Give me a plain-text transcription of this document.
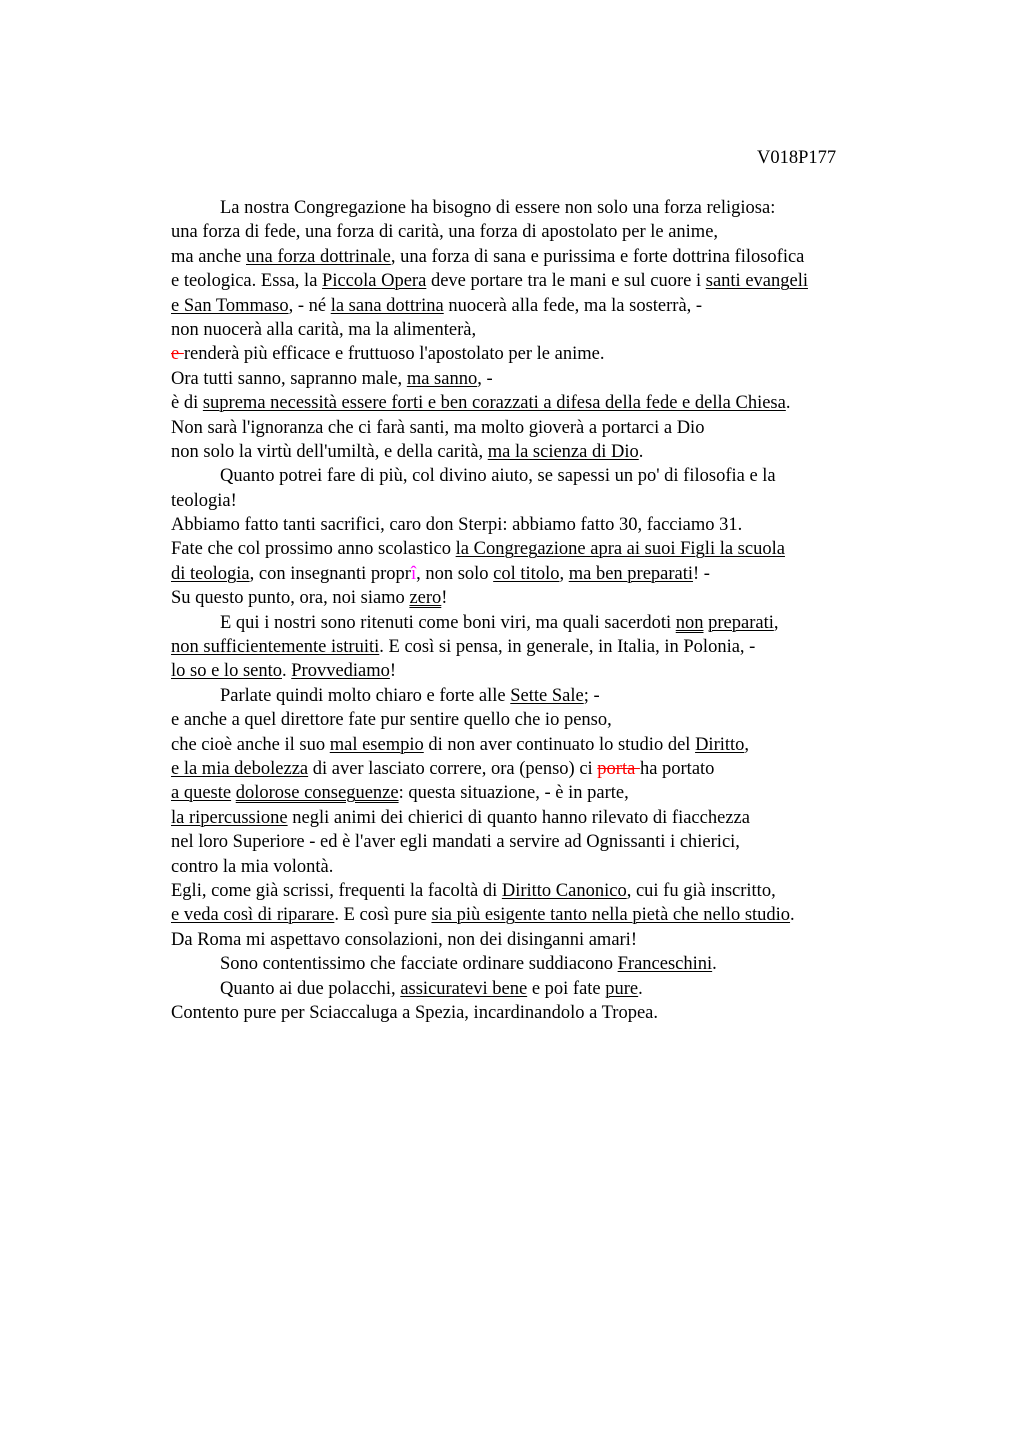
V018P177
La nostra Congregazione ha bisogno di essere non solo una forza religiosa:
una forza di fede, una forza di carità, una forza di apostolato per le anime,
ma anche una forza dottrinale, una forza di sana e purissima e forte dottrina filosofica
e teologica. Essa, la Piccola Opera deve portare tra le mani e sul cuore i santi evangeli
e San Tommaso, - né la sana dottrina nuocerà alla fede, ma la sosterrà, -
non nuocerà alla carità, ma la alimenterà,
e renderà più efficace e fruttuoso l'apostolato per le anime.
Ora tutti sanno, sapranno male, ma sanno, -
è di suprema necessità essere forti e ben corazzati a difesa della fede e della Chiesa.
Non sarà l'ignoranza che ci farà santi, ma molto gioverà a portarci a Dio
non solo la virtù dell'umiltà, e della carità, ma la scienza di Dio.
Quanto potrei fare di più, col divino aiuto, se sapessi un po' di filosofia e la
teologia!
Abbiamo fatto tanti sacrifici, caro don Sterpi: abbiamo fatto 30, facciamo 31.
Fate che col prossimo anno scolastico la Congregazione apra ai suoi Figli la scuola
di teologia, con insegnanti proprî, non solo col titolo, ma ben preparati! -
Su questo punto, ora, noi siamo zero!
E qui i nostri sono ritenuti come boni viri, ma quali sacerdoti non preparati,
non sufficientemente istruiti. E così si pensa, in generale, in Italia, in Polonia, -
lo so e lo sento. Provvediamo!
Parlate quindi molto chiaro e forte alle Sette Sale; -
e anche a quel direttore fate pur sentire quello che io penso,
che cioè anche il suo mal esempio di non aver continuato lo studio del Diritto,
e la mia debolezza di aver lasciato correre, ora (penso) ci porta ha portato
a queste dolorose conseguenze: questa situazione, - è in parte,
la ripercussione negli animi dei chierici di quanto hanno rilevato di fiacchezza
nel loro Superiore - ed è l'aver egli mandati a servire ad Ognissanti i chierici,
contro la mia volontà.
Egli, come già scrissi, frequenti la facoltà di Diritto Canonico, cui fu già inscritto,
e veda così di riparare. E così pure sia più esigente tanto nella pietà che nello studio.
Da Roma mi aspettavo consolazioni, non dei disinganni amari!
Sono contentissimo che facciate ordinare suddiacono Franceschini.
Quanto ai due polacchi, assicuratevi bene e poi fate pure.
Contento pure per Sciaccaluga a Spezia, incardinandolo a Tropea.
